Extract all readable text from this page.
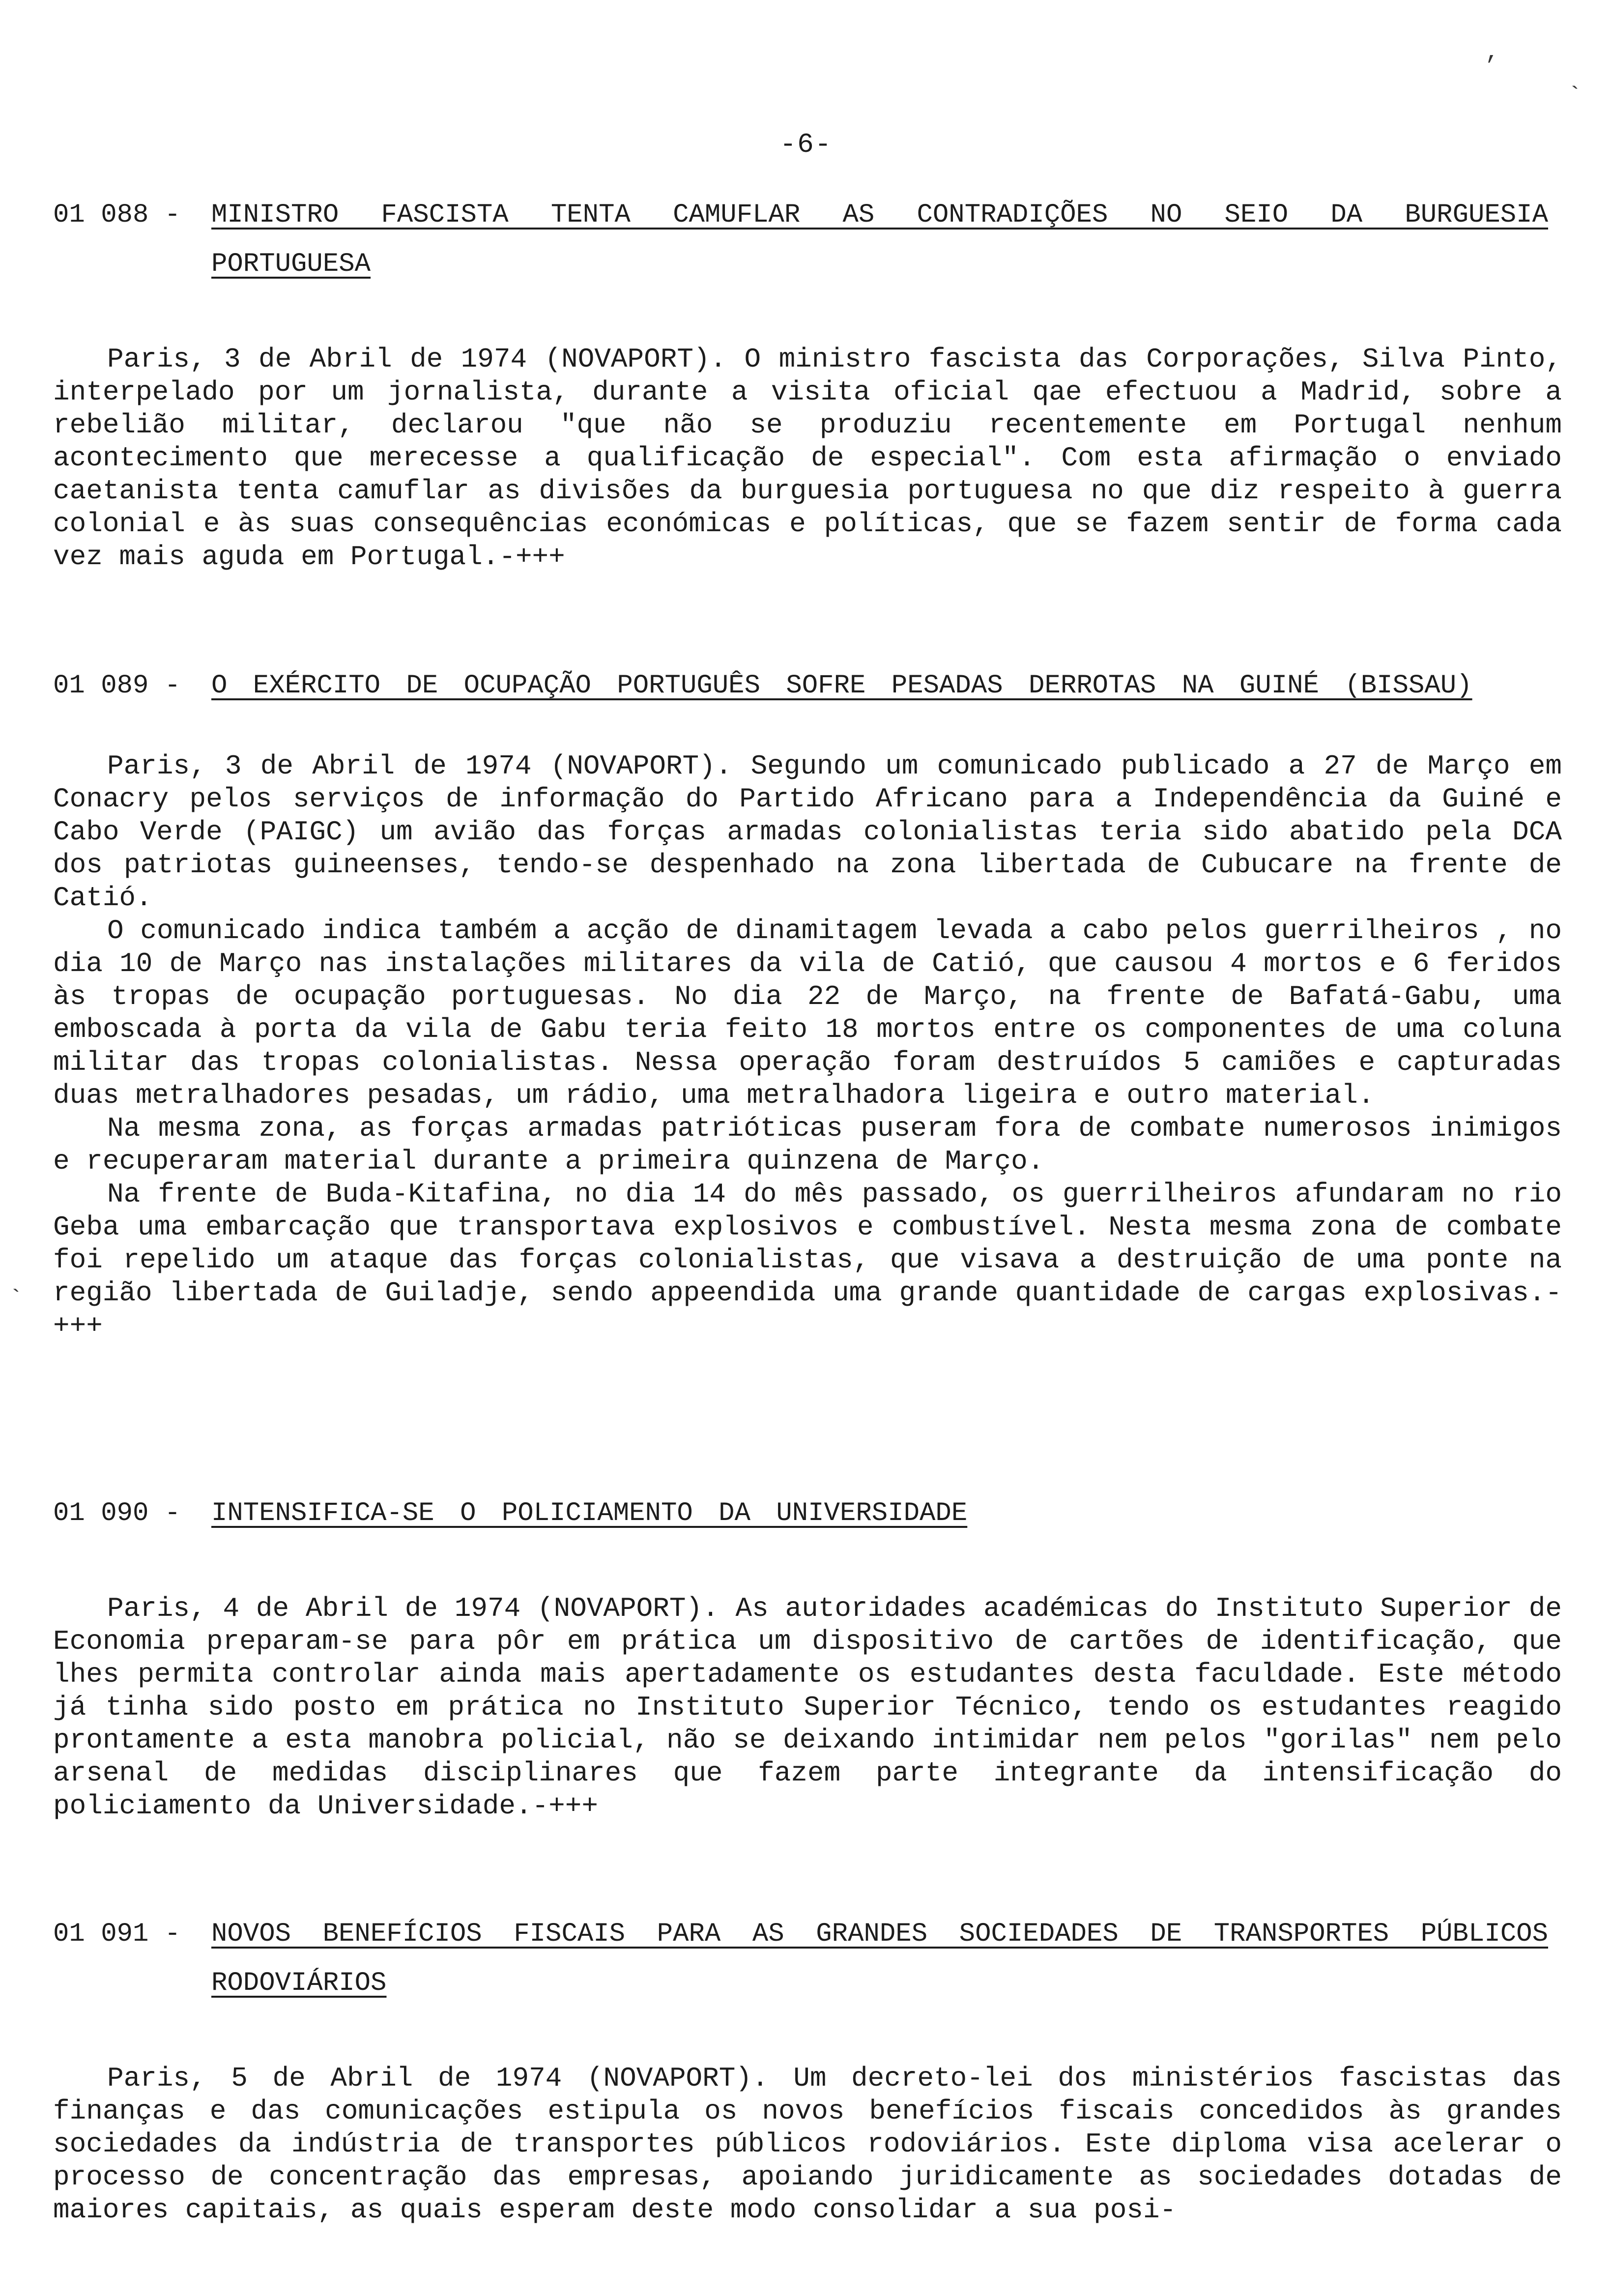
-6-
,
`
`
01 088 - MINISTRO FASCISTA TENTA CAMUFLAR AS CONTRADIÇÕES NO SEIO DA BURGUESIA PORTUGUESA

Paris, 3 de Abril de 1974 (NOVAPORT). O ministro fascista das Corporações, Silva Pinto, interpelado por um jornalista, durante a visita oficial qae efectuou a Madrid, sobre a rebelião militar, declarou "que não se produziu recentemente em Portugal nenhum acontecimento que merecesse a qualificação de especial". Com esta afirmação o enviado caetanista tenta camuflar as divisões da burguesia portuguesa no que diz respeito à guerra colonial e às suas consequências económicas e políticas, que se fazem sentir de forma cada vez mais aguda em Portugal.-+++

01 089 - O EXÉRCITO DE OCUPAÇÃO PORTUGUÊS SOFRE PESADAS DERROTAS NA GUINÉ (BISSAU)

Paris, 3 de Abril de 1974 (NOVAPORT). Segundo um comunicado publicado a 27 de Março em Conacry pelos serviços de informação do Partido Africano para a Independência da Guiné e Cabo Verde (PAIGC) um avião das forças armadas colonialistas teria sido abatido pela DCA dos patriotas guineenses, tendo-se despenhado na zona libertada de Cubucare na frente de Catió.

O comunicado indica também a acção de dinamitagem levada a cabo pelos guerrilheiros , no dia 10 de Março nas instalações militares da vila de Catió, que causou 4 mortos e 6 feridos às tropas de ocupação portuguesas. No dia 22 de Março, na frente de Bafatá-Gabu, uma emboscada à porta da vila de Gabu teria feito 18 mortos entre os componentes de uma coluna militar das tropas colonialistas. Nessa operação foram destruídos 5 camiões e capturadas duas metralhadores pesadas, um rádio, uma metralhadora ligeira e outro material.

Na mesma zona, as forças armadas patrióticas puseram fora de combate numerosos inimigos e recuperaram material durante a primeira quinzena de Março.

Na frente de Buda-Kitafina, no dia 14 do mês passado, os guerrilheiros afundaram no rio Geba uma embarcação que transportava explosivos e combustível. Nesta mesma zona de combate foi repelido um ataque das forças colonialistas, que visava a destruição de uma ponte na região libertada de Guiladje, sendo appeendida uma grande quantidade de cargas explosivas.-+++

01 090 - INTENSIFICA-SE O POLICIAMENTO DA UNIVERSIDADE

Paris, 4 de Abril de 1974 (NOVAPORT). As autoridades académicas do Instituto Superior de Economia preparam-se para pôr em prática um dispositivo de cartões de identificação, que lhes permita controlar ainda mais apertadamente os estudantes desta faculdade. Este método já tinha sido posto em prática no Instituto Superior Técnico, tendo os estudantes reagido prontamente a esta manobra policial, não se deixando intimidar nem pelos "gorilas" nem pelo arsenal de medidas disciplinares que fazem parte integrante da intensificação do policiamento da Universidade.-+++

01 091 - NOVOS BENEFÍCIOS FISCAIS PARA AS GRANDES SOCIEDADES DE TRANSPORTES PÚBLICOS RODOVIÁRIOS

Paris, 5 de Abril de 1974 (NOVAPORT). Um decreto-lei dos ministérios fascistas das finanças e das comunicações estipula os novos benefícios fiscais concedidos às grandes sociedades da indústria de transportes públicos rodoviários. Este diploma visa acelerar o processo de concentração das empresas, apoiando juridicamente as sociedades dotadas de maiores capitais, as quais esperam deste modo consolidar a sua posi-
